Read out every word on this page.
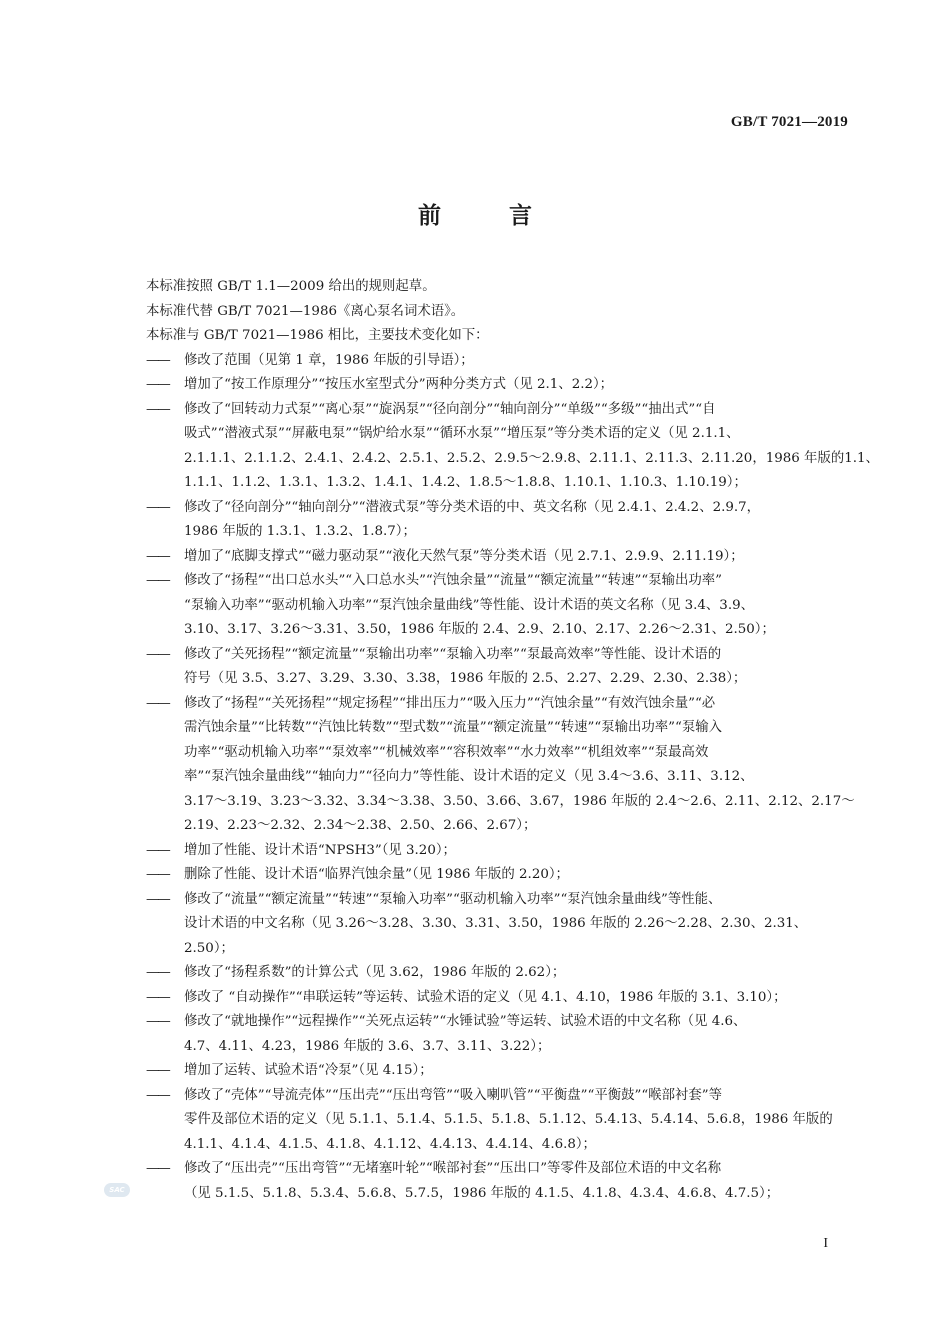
GB/T 7021—2019
前 言

本标准按照 GB/T 1.1—2009 给出的规则起草。

本标准代替 GB/T 7021—1986《离心泵名词术语》。

本标准与 GB/T 7021—1986 相比，主要技术变化如下：

——	修改了范围（见第 1 章，1986 年版的引导语）；
——	增加了“按工作原理分”“按压水室型式分”两种分类方式（见 2.1、2.2）；
——	修改了“回转动力式泵”“离心泵”“旋涡泵”“径向剖分”“轴向剖分”“单级”“多级”“抽出式”“自
吸式”“潜液式泵”“屏蔽电泵”“锅炉给水泵”“循环水泵”“增压泵”等分类术语的定义（见 2.1.1、
2.1.1.1、2.1.1.2、2.4.1、2.4.2、2.5.1、2.5.2、2.9.5～2.9.8、2.11.1、2.11.3、2.11.20，1986 年版的1.1、
1.1.1、1.1.2、1.3.1、1.3.2、1.4.1、1.4.2、1.8.5～1.8.8、1.10.1、1.10.3、1.10.19）；
——	修改了“径向剖分”“轴向剖分”“潜液式泵”等分类术语的中、英文名称（见 2.4.1、2.4.2、2.9.7，
1986 年版的 1.3.1、1.3.2、1.8.7）；
——	增加了“底脚支撑式”“磁力驱动泵”“液化天然气泵”等分类术语（见 2.7.1、2.9.9、2.11.19）；
——	修改了“扬程”“出口总水头”“入口总水头”“汽蚀余量”“流量”“额定流量”“转速”“泵输出功率”
“泵输入功率”“驱动机输入功率”“泵汽蚀余量曲线”等性能、设计术语的英文名称（见 3.4、3.9、
3.10、3.17、3.26～3.31、3.50，1986 年版的 2.4、2.9、2.10、2.17、2.26～2.31、2.50）；
——	修改了“关死扬程”“额定流量”“泵输出功率”“泵输入功率”“泵最高效率”等性能、设计术语的
符号（见 3.5、3.27、3.29、3.30、3.38，1986 年版的 2.5、2.27、2.29、2.30、2.38）；
——	修改了“扬程”“关死扬程”“规定扬程”“排出压力”“吸入压力”“汽蚀余量”“有效汽蚀余量”“必
需汽蚀余量”“比转数”“汽蚀比转数”“型式数”“流量”“额定流量”“转速”“泵输出功率”“泵输入
功率”“驱动机输入功率”“泵效率”“机械效率”“容积效率”“水力效率”“机组效率”“泵最高效
率”“泵汽蚀余量曲线”“轴向力”“径向力”等性能、设计术语的定义（见 3.4～3.6、3.11、3.12、
3.17～3.19、3.23～3.32、3.34～3.38、3.50、3.66、3.67，1986 年版的 2.4～2.6、2.11、2.12、2.17～
2.19、2.23～2.32、2.34～2.38、2.50、2.66、2.67）；
——	增加了性能、设计术语“NPSH3”（见 3.20）；
——	删除了性能、设计术语“临界汽蚀余量”（见 1986 年版的 2.20）；
——	修改了“流量”“额定流量”“转速”“泵输入功率”“驱动机输入功率”“泵汽蚀余量曲线”等性能、
设计术语的中文名称（见 3.26～3.28、3.30、3.31、3.50，1986 年版的 2.26～2.28、2.30、2.31、
2.50）；
——	修改了“扬程系数”的计算公式（见 3.62，1986 年版的 2.62）；
——	修改了 “自动操作”“串联运转”等运转、试验术语的定义（见 4.1、4.10，1986 年版的 3.1、3.10）；
——	修改了“就地操作”“远程操作”“关死点运转”“水锤试验”等运转、试验术语的中文名称（见 4.6、
4.7、4.11、4.23，1986 年版的 3.6、3.7、3.11、3.22）；
——	增加了运转、试验术语“冷泵”（见 4.15）；
——	修改了“壳体”“导流壳体”“压出壳”“压出弯管”“吸入喇叭管”“平衡盘”“平衡鼓”“喉部衬套”等
零件及部位术语的定义（见 5.1.1、5.1.4、5.1.5、5.1.8、5.1.12、5.4.13、5.4.14、5.6.8，1986 年版的
4.1.1、4.1.4、4.1.5、4.1.8、4.1.12、4.4.13、4.4.14、4.6.8）；
——	修改了“压出壳”“压出弯管”“无堵塞叶轮”“喉部衬套”“压出口”等零件及部位术语的中文名称
（见 5.1.5、5.1.8、5.3.4、5.6.8、5.7.5，1986 年版的 4.1.5、4.1.8、4.3.4、4.6.8、4.7.5）；
SAC
I
